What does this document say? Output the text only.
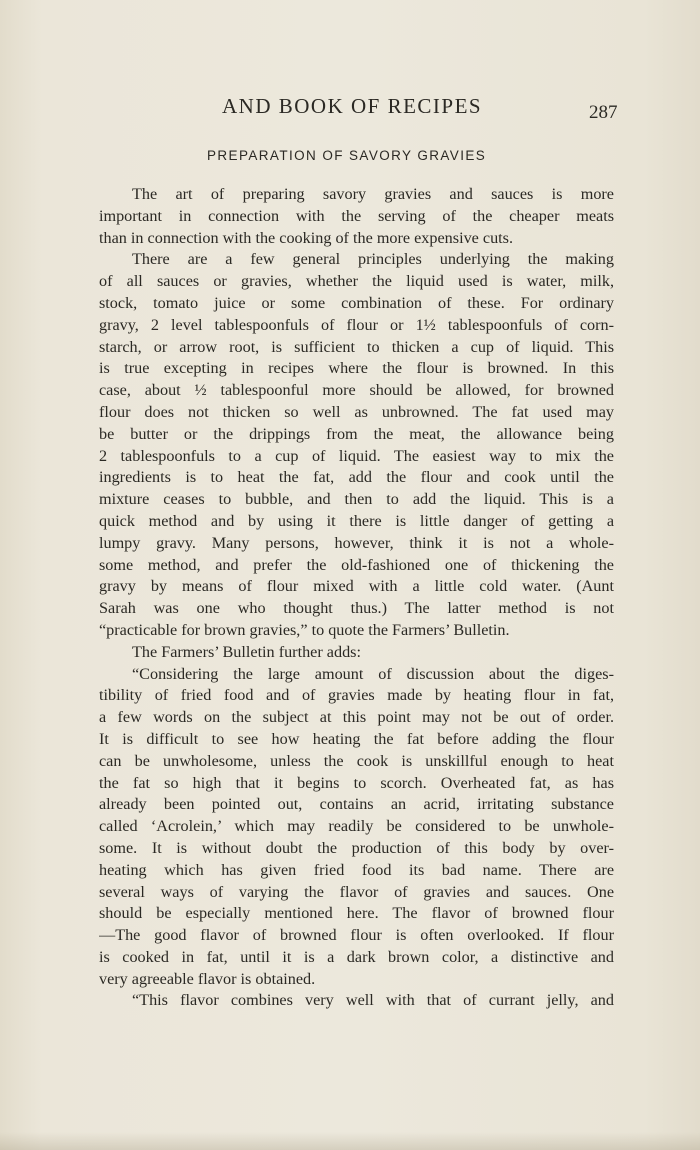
AND BOOK OF RECIPES	287
PREPARATION OF SAVORY GRAVIES
The art of preparing savory gravies and sauces is more
important in connection with the serving of the cheaper meats
than in connection with the cooking of the more expensive cuts.
There are a few general principles underlying the making
of all sauces or gravies, whether the liquid used is water, milk,
stock, tomato juice or some combination of these. For ordinary
gravy, 2 level tablespoonfuls of flour or 1½ tablespoonfuls of corn-
starch, or arrow root, is sufficient to thicken a cup of liquid. This
is true excepting in recipes where the flour is browned. In this
case, about ½ tablespoonful more should be allowed, for browned
flour does not thicken so well as unbrowned. The fat used may
be butter or the drippings from the meat, the allowance being
2 tablespoonfuls to a cup of liquid. The easiest way to mix the
ingredients is to heat the fat, add the flour and cook until the
mixture ceases to bubble, and then to add the liquid. This is a
quick method and by using it there is little danger of getting a
lumpy gravy. Many persons, however, think it is not a whole-
some method, and prefer the old-fashioned one of thickening the
gravy by means of flour mixed with a little cold water. (Aunt
Sarah was one who thought thus.) The latter method is not
“practicable for brown gravies,” to quote the Farmers’ Bulletin.
The Farmers’ Bulletin further adds:
“Considering the large amount of discussion about the diges-
tibility of fried food and of gravies made by heating flour in fat,
a few words on the subject at this point may not be out of order.
It is difficult to see how heating the fat before adding the flour
can be unwholesome, unless the cook is unskillful enough to heat
the fat so high that it begins to scorch. Overheated fat, as has
already been pointed out, contains an acrid, irritating substance
called ‘Acrolein,’ which may readily be considered to be unwhole-
some. It is without doubt the production of this body by over-
heating which has given fried food its bad name. There are
several ways of varying the flavor of gravies and sauces. One
should be especially mentioned here. The flavor of browned flour
—The good flavor of browned flour is often overlooked. If flour
is cooked in fat, until it is a dark brown color, a distinctive and
very agreeable flavor is obtained.
“This flavor combines very well with that of currant jelly, and
